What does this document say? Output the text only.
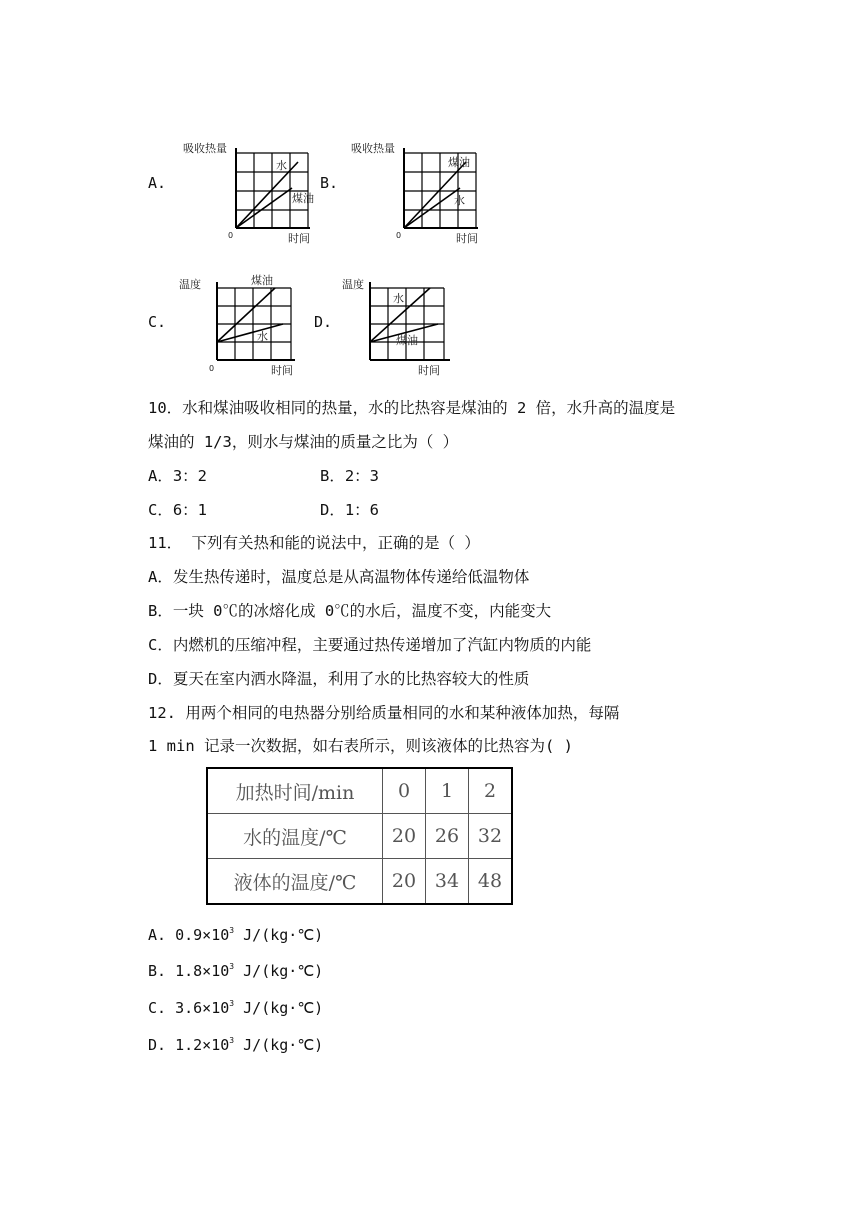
A.
吸收热量
时间
0
水
煤油
B.
吸收热量
时间
0
煤油
水
C.
温度
时间
0
煤油
水
D.
温度
时间
水
煤油
10．水和煤油吸收相同的热量，水的比热容是煤油的 2 倍，水升高的温度是
煤油的 1/3，则水与煤油的质量之比为（ ）
A．3：2	B．2：3
C．6：1	D．1：6
11． 下列有关热和能的说法中，正确的是（ ）
A．发生热传递时，温度总是从高温物体传递给低温物体
B．一块 0℃的冰熔化成 0℃的水后，温度不变，内能变大
C．内燃机的压缩冲程，主要通过热传递增加了汽缸内物质的内能
D．夏天在室内洒水降温，利用了水的比热容较大的性质
12. 用两个相同的电热器分别给质量相同的水和某种液体加热，每隔
1 min 记录一次数据，如右表所示，则该液体的比热容为( )
加热时间/min	0	1	2
水的温度/℃	20	26	32
液体的温度/℃	20	34	48
A. $0.9\times 10^3$ J/(kg·℃)
B. $1.8\times 10^3$ J/(kg·℃)
C. $3.6\times 10^3$ J/(kg·℃)
D. $1.2\times 10^3$ J/(kg·℃)
